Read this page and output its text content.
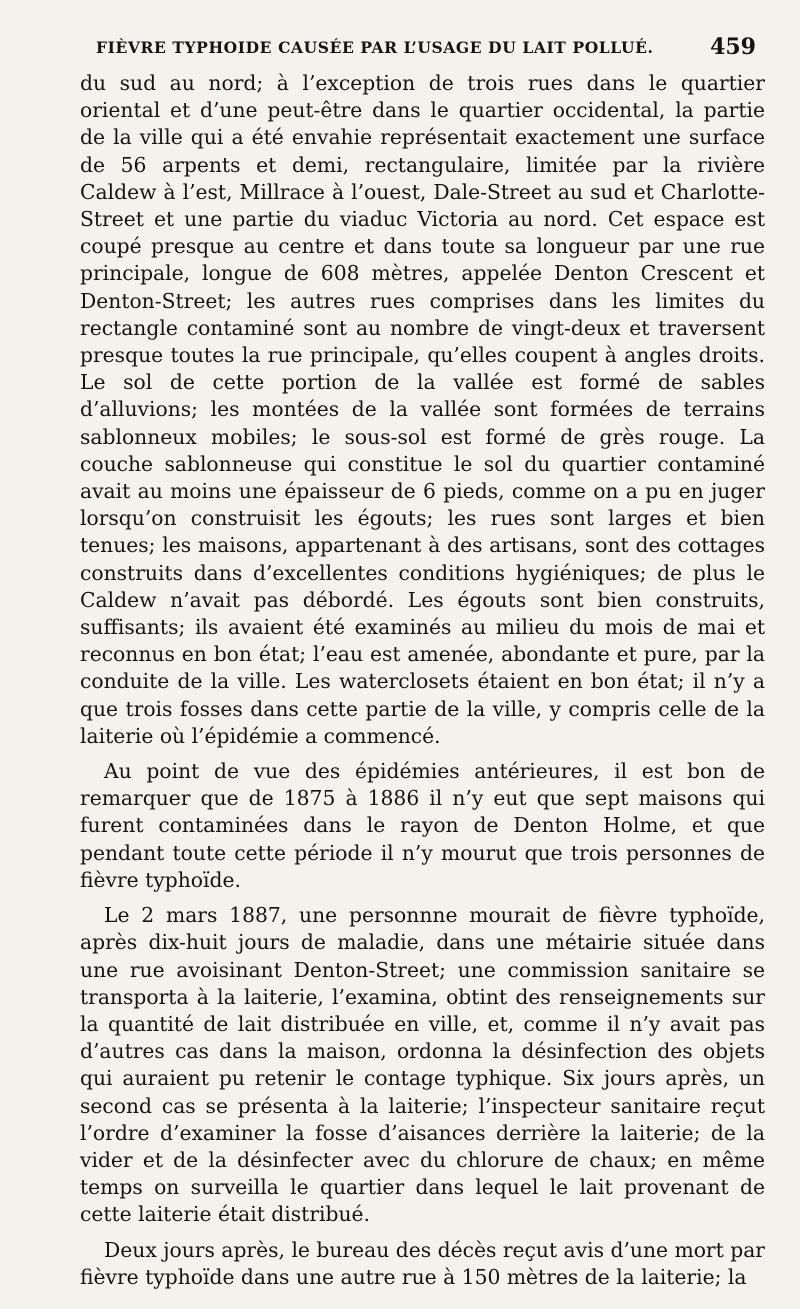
FIÈVRE TYPHOIDE CAUSÉE PAR L’USAGE DU LAIT POLLUÉ.	459

du sud au nord; à l’exception de trois rues dans le quartier oriental et d’une peut-être dans le quartier occidental, la partie de la ville qui a été envahie représentait exactement une surface de 56 arpents et demi, rectangulaire, limitée par la rivière Caldew à l’est, Millrace à l’ouest, Dale-Street au sud et Charlotte-Street et une partie du viaduc Victoria au nord. Cet espace est coupé presque au centre et dans toute sa longueur par une rue principale, longue de 608 mètres, appelée Denton Crescent et Denton-Street; les autres rues comprises dans les limites du rectangle contaminé sont au nombre de vingt-deux et traversent presque toutes la rue principale, qu’elles coupent à angles droits. Le sol de cette portion de la vallée est formé de sables d’alluvions; les montées de la vallée sont formées de terrains sablonneux mobiles; le sous-sol est formé de grès rouge. La couche sablonneuse qui constitue le sol du quartier contaminé avait au moins une épaisseur de 6 pieds, comme on a pu en juger lorsqu’on construisit les égouts; les rues sont larges et bien tenues; les maisons, appartenant à des artisans, sont des cottages construits dans d’excellentes conditions hygiéniques; de plus le Caldew n’avait pas débordé. Les égouts sont bien construits, suffisants; ils avaient été examinés au milieu du mois de mai et reconnus en bon état; l’eau est amenée, abondante et pure, par la conduite de la ville. Les waterclosets étaient en bon état; il n’y a que trois fosses dans cette partie de la ville, y compris celle de la laiterie où l’épidémie a commencé.

Au point de vue des épidémies antérieures, il est bon de remarquer que de 1875 à 1886 il n’y eut que sept maisons qui furent contaminées dans le rayon de Denton Holme, et que pendant toute cette période il n’y mourut que trois personnes de fièvre typhoïde.

Le 2 mars 1887, une personnne mourait de fièvre typhoïde, après dix-huit jours de maladie, dans une métairie située dans une rue avoisinant Denton-Street; une commission sanitaire se transporta à la laiterie, l’examina, obtint des renseignements sur la quantité de lait distribuée en ville, et, comme il n’y avait pas d’autres cas dans la maison, ordonna la désinfection des objets qui auraient pu retenir le contage typhique. Six jours après, un second cas se présenta à la laiterie; l’inspecteur sanitaire reçut l’ordre d’examiner la fosse d’aisances derrière la laiterie; de la vider et de la désinfecter avec du chlorure de chaux; en même temps on surveilla le quartier dans lequel le lait provenant de cette laiterie était distribué.

Deux jours après, le bureau des décès reçut avis d’une mort par fièvre typhoïde dans une autre rue à 150 mètres de la laiterie; la
